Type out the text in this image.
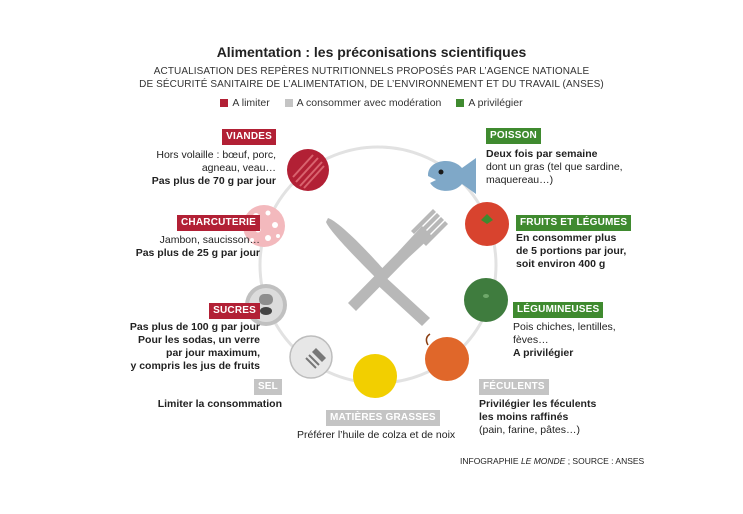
Alimentation : les préconisations scientifiques
ACTUALISATION DES REPÈRES NUTRITIONNELS PROPOSÉS PAR L’AGENCE NATIONALE
DE SÉCURITÉ SANITAIRE DE L’ALIMENTATION, DE L’ENVIRONNEMENT ET DU TRAVAIL (ANSES)
A limiter	A consommer avec modération	A privilégier
VIANDES
Hors volaille : bœuf, porc,
agneau, veau…
Pas plus de 70 g par jour
CHARCUTERIE
Jambon, saucisson…
Pas plus de 25 g par jour
SUCRES
Pas plus de 100 g par jour
Pour les sodas, un verre
par jour maximum,
y compris les jus de fruits
SEL
Limiter la consommation
MATIÈRES GRASSES
Préférer l’huile de colza et de noix
FÉCULENTS
Privilégier les féculents
les moins raffinés
(pain, farine, pâtes…)
LÉGUMINEUSES
Pois chiches, lentilles,
fèves…
A privilégier
FRUITS ET LÉGUMES
En consommer plus
de 5 portions par jour,
soit environ 400 g
POISSON
Deux fois par semaine
dont un gras (tel que sardine,
maquereau…)
INFOGRAPHIE LE MONDE ; SOURCE : ANSES
